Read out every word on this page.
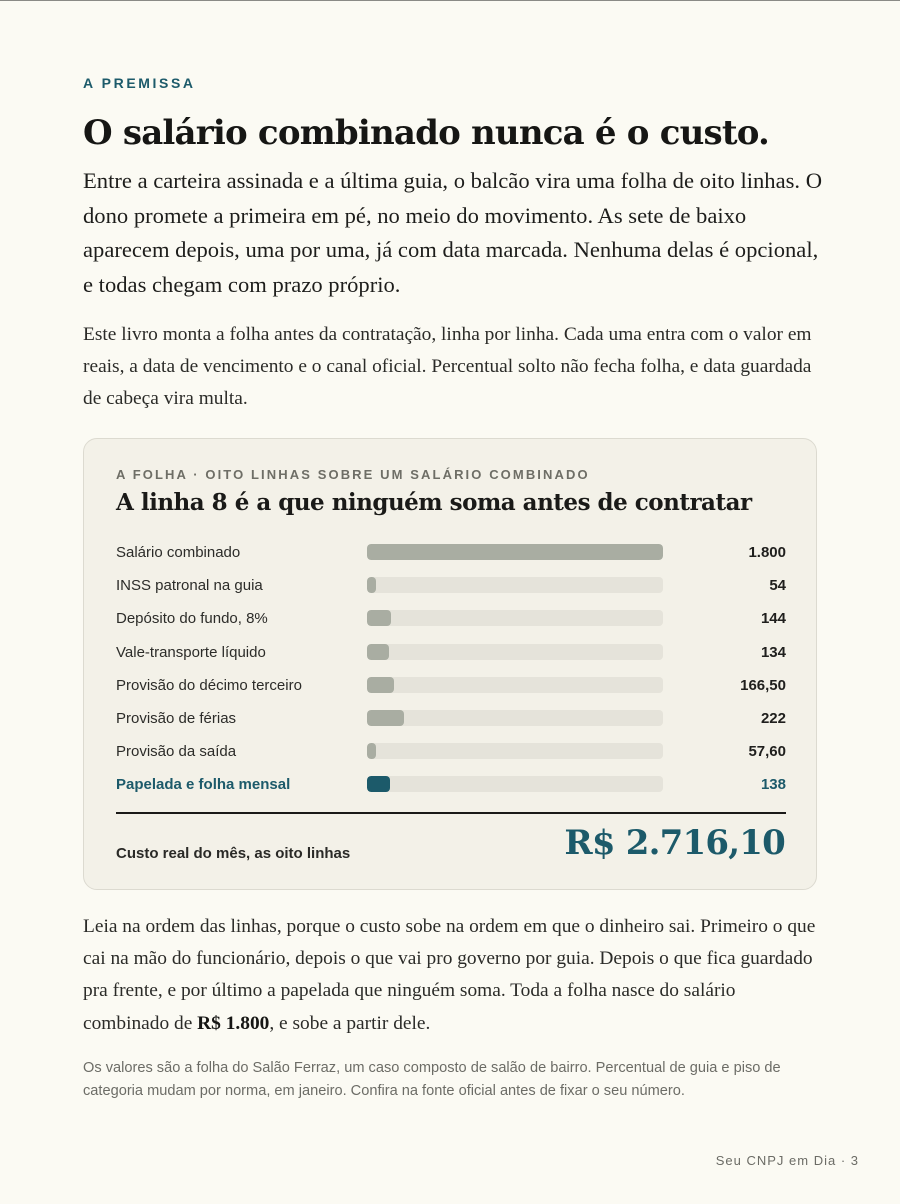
A PREMISSA
O salário combinado nunca é o custo.

Entre a carteira assinada e a última guia, o balcão vira uma folha de oito linhas. O dono promete a primeira em pé, no meio do movimento. As sete de baixo aparecem depois, uma por uma, já com data marcada. Nenhuma delas é opcional, e todas chegam com prazo próprio.

Este livro monta a folha antes da contratação, linha por linha. Cada uma entra com o valor em reais, a data de vencimento e o canal oficial. Percentual solto não fecha folha, e data guardada de cabeça vira multa.

A FOLHA · OITO LINHAS SOBRE UM SALÁRIO COMBINADO
A linha 8 é a que ninguém soma antes de contratar
Salário combinado	1.800
INSS patronal na guia	54
Depósito do fundo, 8%	144
Vale-transporte líquido	134
Provisão do décimo terceiro	166,50
Provisão de férias	222
Provisão da saída	57,60
Papelada e folha mensal	138
Custo real do mês, as oito linhas	R$ 2.716,10

Leia na ordem das linhas, porque o custo sobe na ordem em que o dinheiro sai. Primeiro o que cai na mão do funcionário, depois o que vai pro governo por guia. Depois o que fica guardado pra frente, e por último a papelada que ninguém soma. Toda a folha nasce do salário combinado de R$ 1.800, e sobe a partir dele.

Os valores são a folha do Salão Ferraz, um caso composto de salão de bairro. Percentual de guia e piso de categoria mudam por norma, em janeiro. Confira na fonte oficial antes de fixar o seu número.

Seu CNPJ em Dia · 3
